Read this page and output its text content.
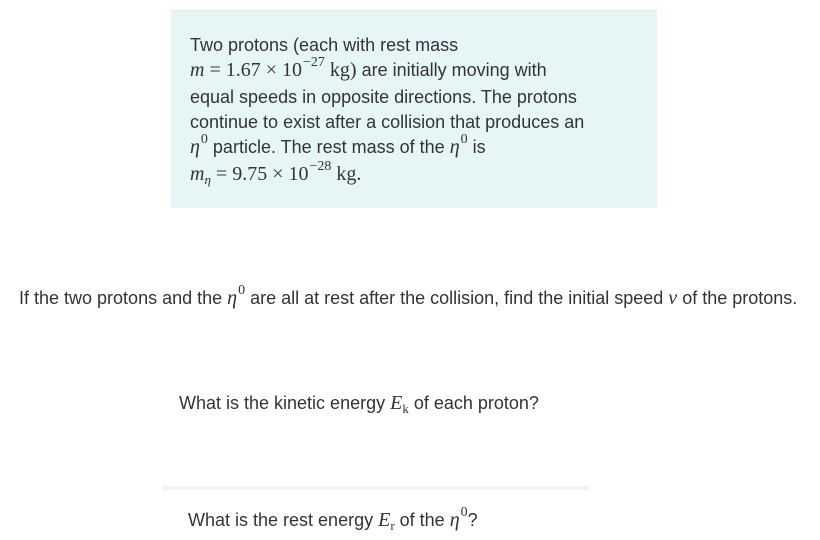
Two protons (each with rest mass
$m = 1.67 \times 10^{-27}$ kg) are initially moving with
equal speeds in opposite directions. The protons
continue to exist after a collision that produces an
$\eta^0$ particle. The rest mass of the $\eta^0$ is
$m_\eta = 9.75 \times 10^{-28}$ kg.
If the two protons and the $\eta^0$ are all at rest after the collision, find the initial speed v of the protons.
What is the kinetic energy $E_k$ of each proton?
What is the rest energy $E_r$ of the $\eta^0$?
